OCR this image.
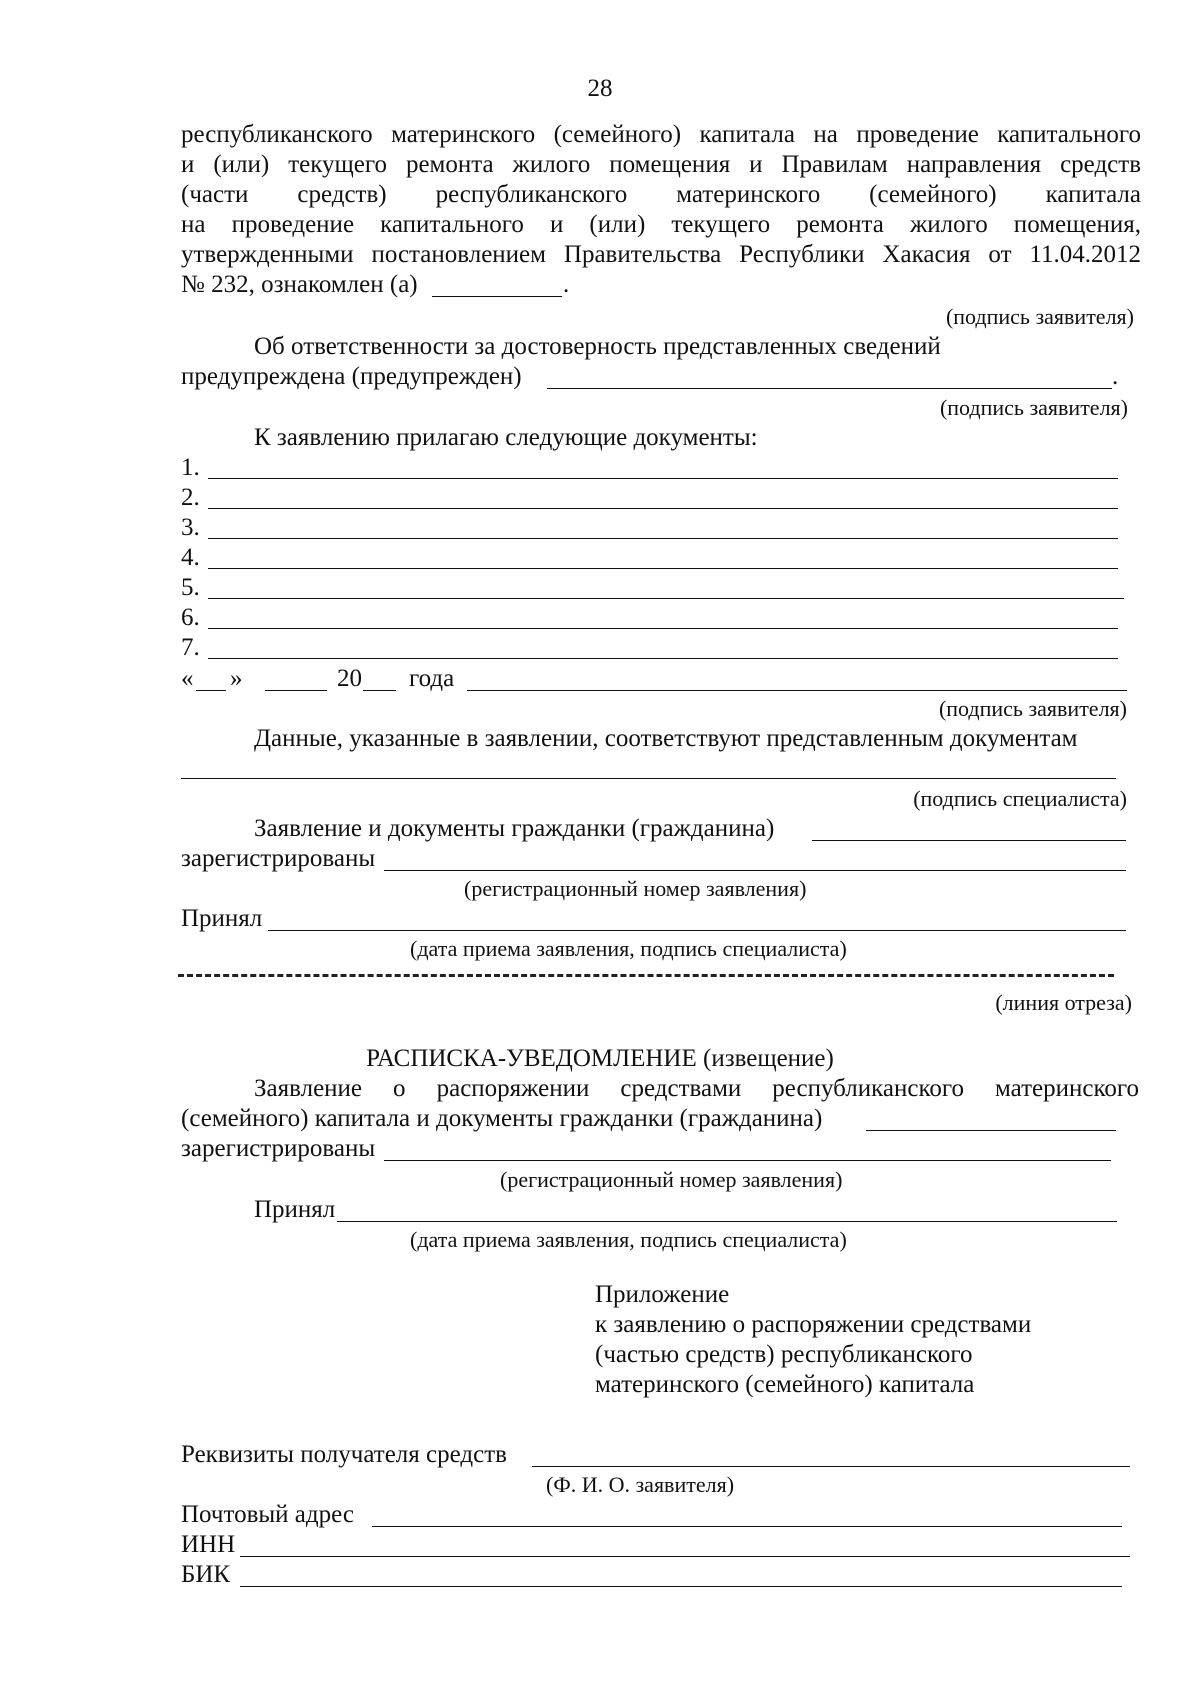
28
республиканского материнского (семейного) капитала на проведение капитального
и (или) текущего ремонта жилого помещения и Правилам направления средств
(части средств) республиканского материнского (семейного) капитала
на проведение капитального и (или) текущего ремонта жилого помещения,
утвержденными постановлением Правительства Республики Хакасия от 11.04.2012
№ 232, ознакомлен (а)	.
(подпись заявителя)
Об ответственности за достоверность представленных сведений
предупреждена (предупрежден)	.
(подпись заявителя)
К заявлению прилагаю следующие документы:
1.
2.
3.
4.
5.
6.
7.
« »	20 года
(подпись заявителя)
Данные, указанные в заявлении, соответствуют представленным документам
(подпись специалиста)
Заявление и документы гражданки (гражданина)
зарегистрированы
(регистрационный номер заявления)
Принял
(дата приема заявления, подпись специалиста)
(линия отреза)
РАСПИСКА-УВЕДОМЛЕНИЕ (извещение)
Заявление о распоряжении средствами республиканского материнского
(семейного) капитала и документы гражданки (гражданина)
зарегистрированы
(регистрационный номер заявления)
Принял
(дата приема заявления, подпись специалиста)
Приложение
к заявлению о распоряжении средствами
(частью средств) республиканского
материнского (семейного) капитала
Реквизиты получателя средств
(Ф. И. О. заявителя)
Почтовый адрес
ИНН
БИК
